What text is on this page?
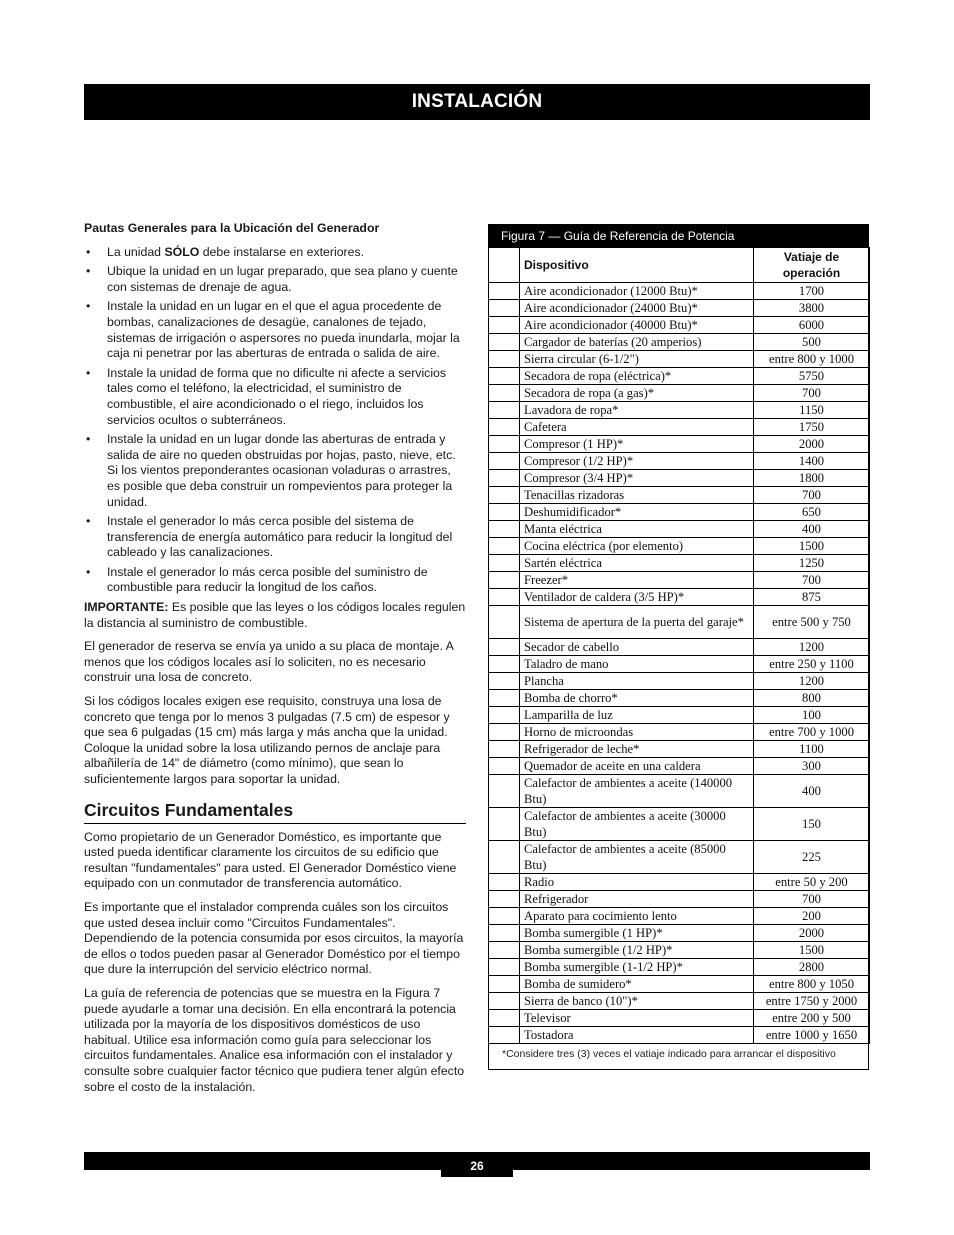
INSTALACIÓN

Pautas Generales para la Ubicación del Generador

• La unidad SÓLO debe instalarse en exteriores.
• Ubique la unidad en un lugar preparado, que sea plano y cuente con sistemas de drenaje de agua.
• Instale la unidad en un lugar en el que el agua procedente de bombas, canalizaciones de desagüe, canalones de tejado, sistemas de irrigación o aspersores no pueda inundarla, mojar la caja ni penetrar por las aberturas de entrada o salida de aire.
• Instale la unidad de forma que no dificulte ni afecte a servicios tales como el teléfono, la electricidad, el suministro de combustible, el aire acondicionado o el riego, incluidos los servicios ocultos o subterráneos.
• Instale la unidad en un lugar donde las aberturas de entrada y salida de aire no queden obstruidas por hojas, pasto, nieve, etc. Si los vientos preponderantes ocasionan voladuras o arrastres, es posible que deba construir un rompevientos para proteger la unidad.
• Instale el generador lo más cerca posible del sistema de transferencia de energía automático para reducir la longitud del cableado y las canalizaciones.
• Instale el generador lo más cerca posible del suministro de combustible para reducir la longitud de los caños.

IMPORTANTE: Es posible que las leyes o los códigos locales regulen la distancia al suministro de combustible.

El generador de reserva se envía ya unido a su placa de montaje. A menos que los códigos locales así lo soliciten, no es necesario construir una losa de concreto.

Si los códigos locales exigen ese requisito, construya una losa de concreto que tenga por lo menos 3 pulgadas (7.5 cm) de espesor y que sea 6 pulgadas (15 cm) más larga y más ancha que la unidad. Coloque la unidad sobre la losa utilizando pernos de anclaje para albañilería de 14" de diámetro (como mínimo), que sean lo suficientemente largos para soportar la unidad.

Circuitos Fundamentales

Como propietario de un Generador Doméstico, es importante que usted pueda identificar claramente los circuitos de su edificio que resultan "fundamentales" para usted. El Generador Doméstico viene equipado con un conmutador de transferencia automático.

Es importante que el instalador comprenda cuáles son los circuitos que usted desea incluir como "Circuitos Fundamentales". Dependiendo de la potencia consumida por esos circuitos, la mayoría de ellos o todos pueden pasar al Generador Doméstico por el tiempo que dure la interrupción del servicio eléctrico normal.

La guía de referencia de potencias que se muestra en la Figura 7 puede ayudarle a tomar una decisión. En ella encontrará la potencia utilizada por la mayoría de los dispositivos domésticos de uso habitual. Utilice esa información como guía para seleccionar los circuitos fundamentales. Analice esa información con el instalador y consulte sobre cualquier factor técnico que pudiera tener algún efecto sobre el costo de la instalación.

Figura 7 — Guía de Referencia de Potencia
	Dispositivo	Vatiaje de operación
	Aire acondicionador (12000 Btu)*	1700
	Aire acondicionador (24000 Btu)*	3800
	Aire acondicionador (40000 Btu)*	6000
	Cargador de baterías (20 amperios)	500
	Sierra circular (6-1/2")	entre 800 y 1000
	Secadora de ropa (eléctrica)*	5750
	Secadora de ropa (a gas)*	700
	Lavadora de ropa*	1150
	Cafetera	1750
	Compresor (1 HP)*	2000
	Compresor (1/2 HP)*	1400
	Compresor (3/4 HP)*	1800
	Tenacillas rizadoras	700
	Deshumidificador*	650
	Manta eléctrica	400
	Cocina eléctrica (por elemento)	1500
	Sartén eléctrica	1250
	Freezer*	700
	Ventilador de caldera (3/5 HP)*	875
	Sistema de apertura de la puerta del garaje*	entre 500 y 750
	Secador de cabello	1200
	Taladro de mano	entre 250 y 1100
	Plancha	1200
	Bomba de chorro*	800
	Lamparilla de luz	100
	Horno de microondas	entre 700 y 1000
	Refrigerador de leche*	1100
	Quemador de aceite en una caldera	300
	Calefactor de ambientes a aceite (140000 Btu)	400
	Calefactor de ambientes a aceite (30000 Btu)	150
	Calefactor de ambientes a aceite (85000 Btu)	225
	Radio	entre 50 y 200
	Refrigerador	700
	Aparato para cocimiento lento	200
	Bomba sumergible (1 HP)*	2000
	Bomba sumergible (1/2 HP)*	1500
	Bomba sumergible (1-1/2 HP)*	2800
	Bomba de sumidero*	entre 800 y 1050
	Sierra de banco (10")*	entre 1750 y 2000
	Televisor	entre 200 y 500
	Tostadora	entre 1000 y 1650
*Considere tres (3) veces el vatiaje indicado para arrancar el dispositivo
26
